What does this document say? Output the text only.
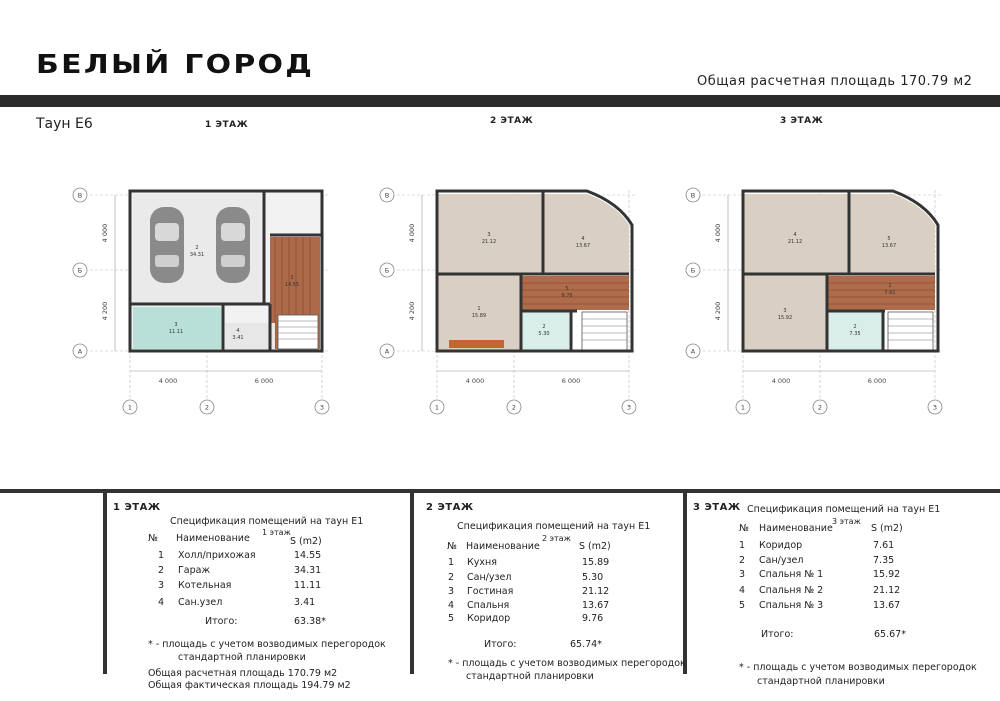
БЕЛЫЙ ГОРОД
Общая расчетная площадь 170.79 м2
Таун Е6	1 ЭТАЖ	2 ЭТАЖ	3 ЭТАЖ
В
Б
А
1	2	3
4 000	6 000
4 000
4 200
2
34.31
1
14.55
3
11.11	4
3.41
В
Б
А
1	2	3
4 000	6 000
4 000
4 200
3
21.12	4
13.67
5
9.76
1
15.89
2
5.30
В
Б
А
1	2	3
4 000	6 000
4 000
4 200
4
21.12	5
13.67
1
7.61
3
15.92
2
7.35
1 ЭТАЖ
Спецификация помещений на таун Е1
1 этаж
№ Наименование	S (m2)
1 Холл/прихожая	14.55
2 Гараж	34.31
3 Котельная	11.11
4 Сан.узел	3.41
Итого:	63.38*
* - площадь с учетом возводимых перегородок
стандартной планировки
Общая расчетная площадь 170.79 м2
Общая фактическая площадь 194.79 м2
2 ЭТАЖ
Спецификация помещений на таун Е1
2 этаж
№ Наименование	S (m2)
1 Кухня	15.89
2 Сан/узел	5.30
3 Гостиная	21.12
4 Спальня	13.67
5 Коридор	9.76
Итого:	65.74*
* - площадь с учетом возводимых перегородок
стандартной планировки
3 ЭТАЖ Спецификация помещений на таун Е1
3 этаж
№ Наименование	S (m2)
1 Коридор	7.61
2 Сан/узел	7.35
3 Спальня № 1	15.92
4 Спальня № 2	21.12
5 Спальня № 3	13.67
Итого:	65.67*
* - площадь с учетом возводимых перегородок
стандартной планировки
